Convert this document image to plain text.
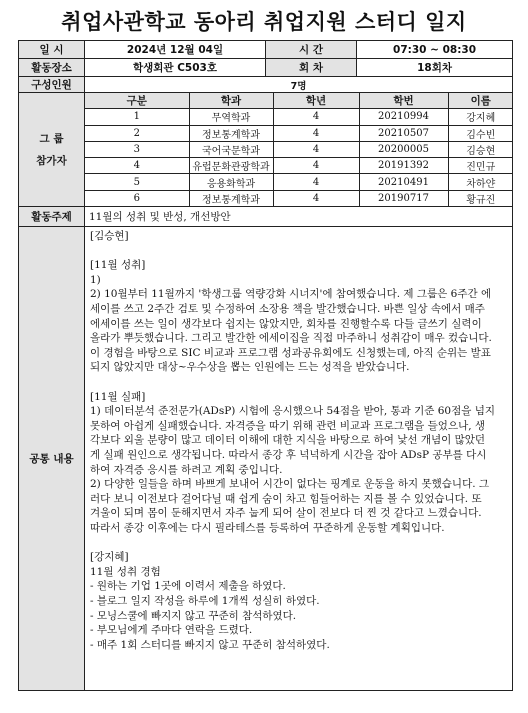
취업사관학교 동아리 취업지원 스터디 일지
일 시	2024년 12월 04일	시 간	07:30 ~ 08:30
활동장소	학생회관 C503호	회 차	18회차
구성인원	7명

그 룹
참가자

구분	학과	학년	학번	이름
1	무역학과	4	20210994	강지혜
2	정보통계학과	4	20210507	김수빈
3	국어국문학과	4	20200005	김승현
4	유럽문화관광학과	4	20191392	진민규
5	응용화학과	4	20210491	차하얀
6	정보통계학과	4	20190717	황규진

활동주제	11월의 성취 및 반성, 개선방안
공통 내용	

[김승현]

[11월 성취]

1)

2) 10월부터 11월까지 '학생그룹 역량강화 시너지'에 참여했습니다. 제 그룹은 6주간 에

세이를 쓰고 2주간 검토 및 수정하여 소장용 책을 발간했습니다. 바쁜 일상 속에서 매주

에세이를 쓰는 일이 생각보다 쉽지는 않았지만, 회차를 진행할수록 다들 글쓰기 실력이

올라가 뿌듯했습니다. 그리고 발간한 에세이집을 직접 마주하니 성취감이 매우 컸습니다.

이 경험을 바탕으로 SIC 비교과 프로그램 성과공유회에도 신청했는데, 아직 순위는 발표

되지 않았지만 대상~우수상을 뽑는 인원에는 드는 성적을 받았습니다.

[11월 실패]

1) 데이터분석 준전문가(ADsP) 시험에 응시했으나 54점을 받아, 통과 기준 60점을 넘지

못하여 아쉽게 실패했습니다. 자격증을 따기 위해 관련 비교과 프로그램을 들었으나, 생

각보다 외울 분량이 많고 데이터 이해에 대한 지식을 바탕으로 하여 낯선 개념이 많았던

게 실패 원인으로 생각됩니다. 따라서 종강 후 넉넉하게 시간을 잡아 ADsP 공부를 다시

하여 자격증 응시를 하려고 계획 중입니다.

2) 다양한 일들을 하며 바쁘게 보내어 시간이 없다는 핑계로 운동을 하지 못했습니다. 그

러다 보니 이전보다 걸어다닐 때 쉽게 숨이 차고 힘들어하는 지를 볼 수 있었습니다. 또

겨울이 되며 몸이 둔해지면서 자주 눕게 되어 살이 전보다 더 찐 것 같다고 느꼈습니다.

따라서 종강 이후에는 다시 필라테스를 등록하여 꾸준하게 운동할 계획입니다.

[강지혜]

11월 성취 경험

- 원하는 기업 1곳에 이력서 제출을 하였다.

- 블로그 일지 작성을 하루에 1개씩 성실히 하였다.

- 모닝스쿨에 빠지지 않고 꾸준히 참석하였다.

- 부모님에게 주마다 연락을 드렸다.

- 매주 1회 스터디를 빠지지 않고 꾸준히 참석하였다.
